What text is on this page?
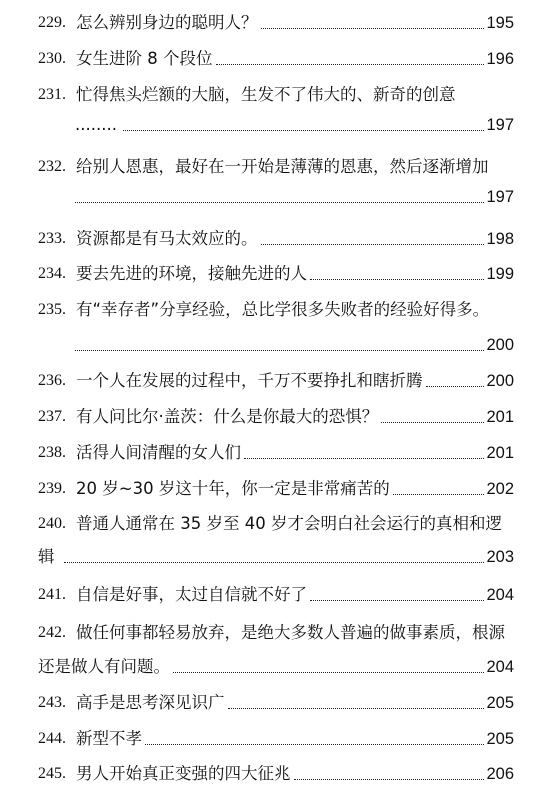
229. 怎么辨别身边的聪明人？	195
230. 女生进阶 8 个段位	196
231. 忙得焦头烂额的大脑，生发不了伟大的、新奇的创意
........	197
232. 给别人恩惠，最好在一开始是薄薄的恩惠，然后逐渐增加
197
233. 资源都是有马太效应的。	198
234. 要去先进的环境，接触先进的人	199
235. 有“幸存者”分享经验，总比学很多失败者的经验好得多。
200
236. 一个人在发展的过程中，千万不要挣扎和瞎折腾	200
237. 有人问比尔·盖茨：什么是你最大的恐惧？	201
238. 活得人间清醒的女人们	201
239. 20 岁~30 岁这十年，你一定是非常痛苦的	202
240. 普通人通常在 35 岁至 40 岁才会明白社会运行的真相和逻
辑	203
241. 自信是好事，太过自信就不好了	204
242. 做任何事都轻易放弃，是绝大多数人普遍的做事素质，根源
还是做人有问题。	204
243. 高手是思考深见识广	205
244. 新型不孝	205
245. 男人开始真正变强的四大征兆	206
